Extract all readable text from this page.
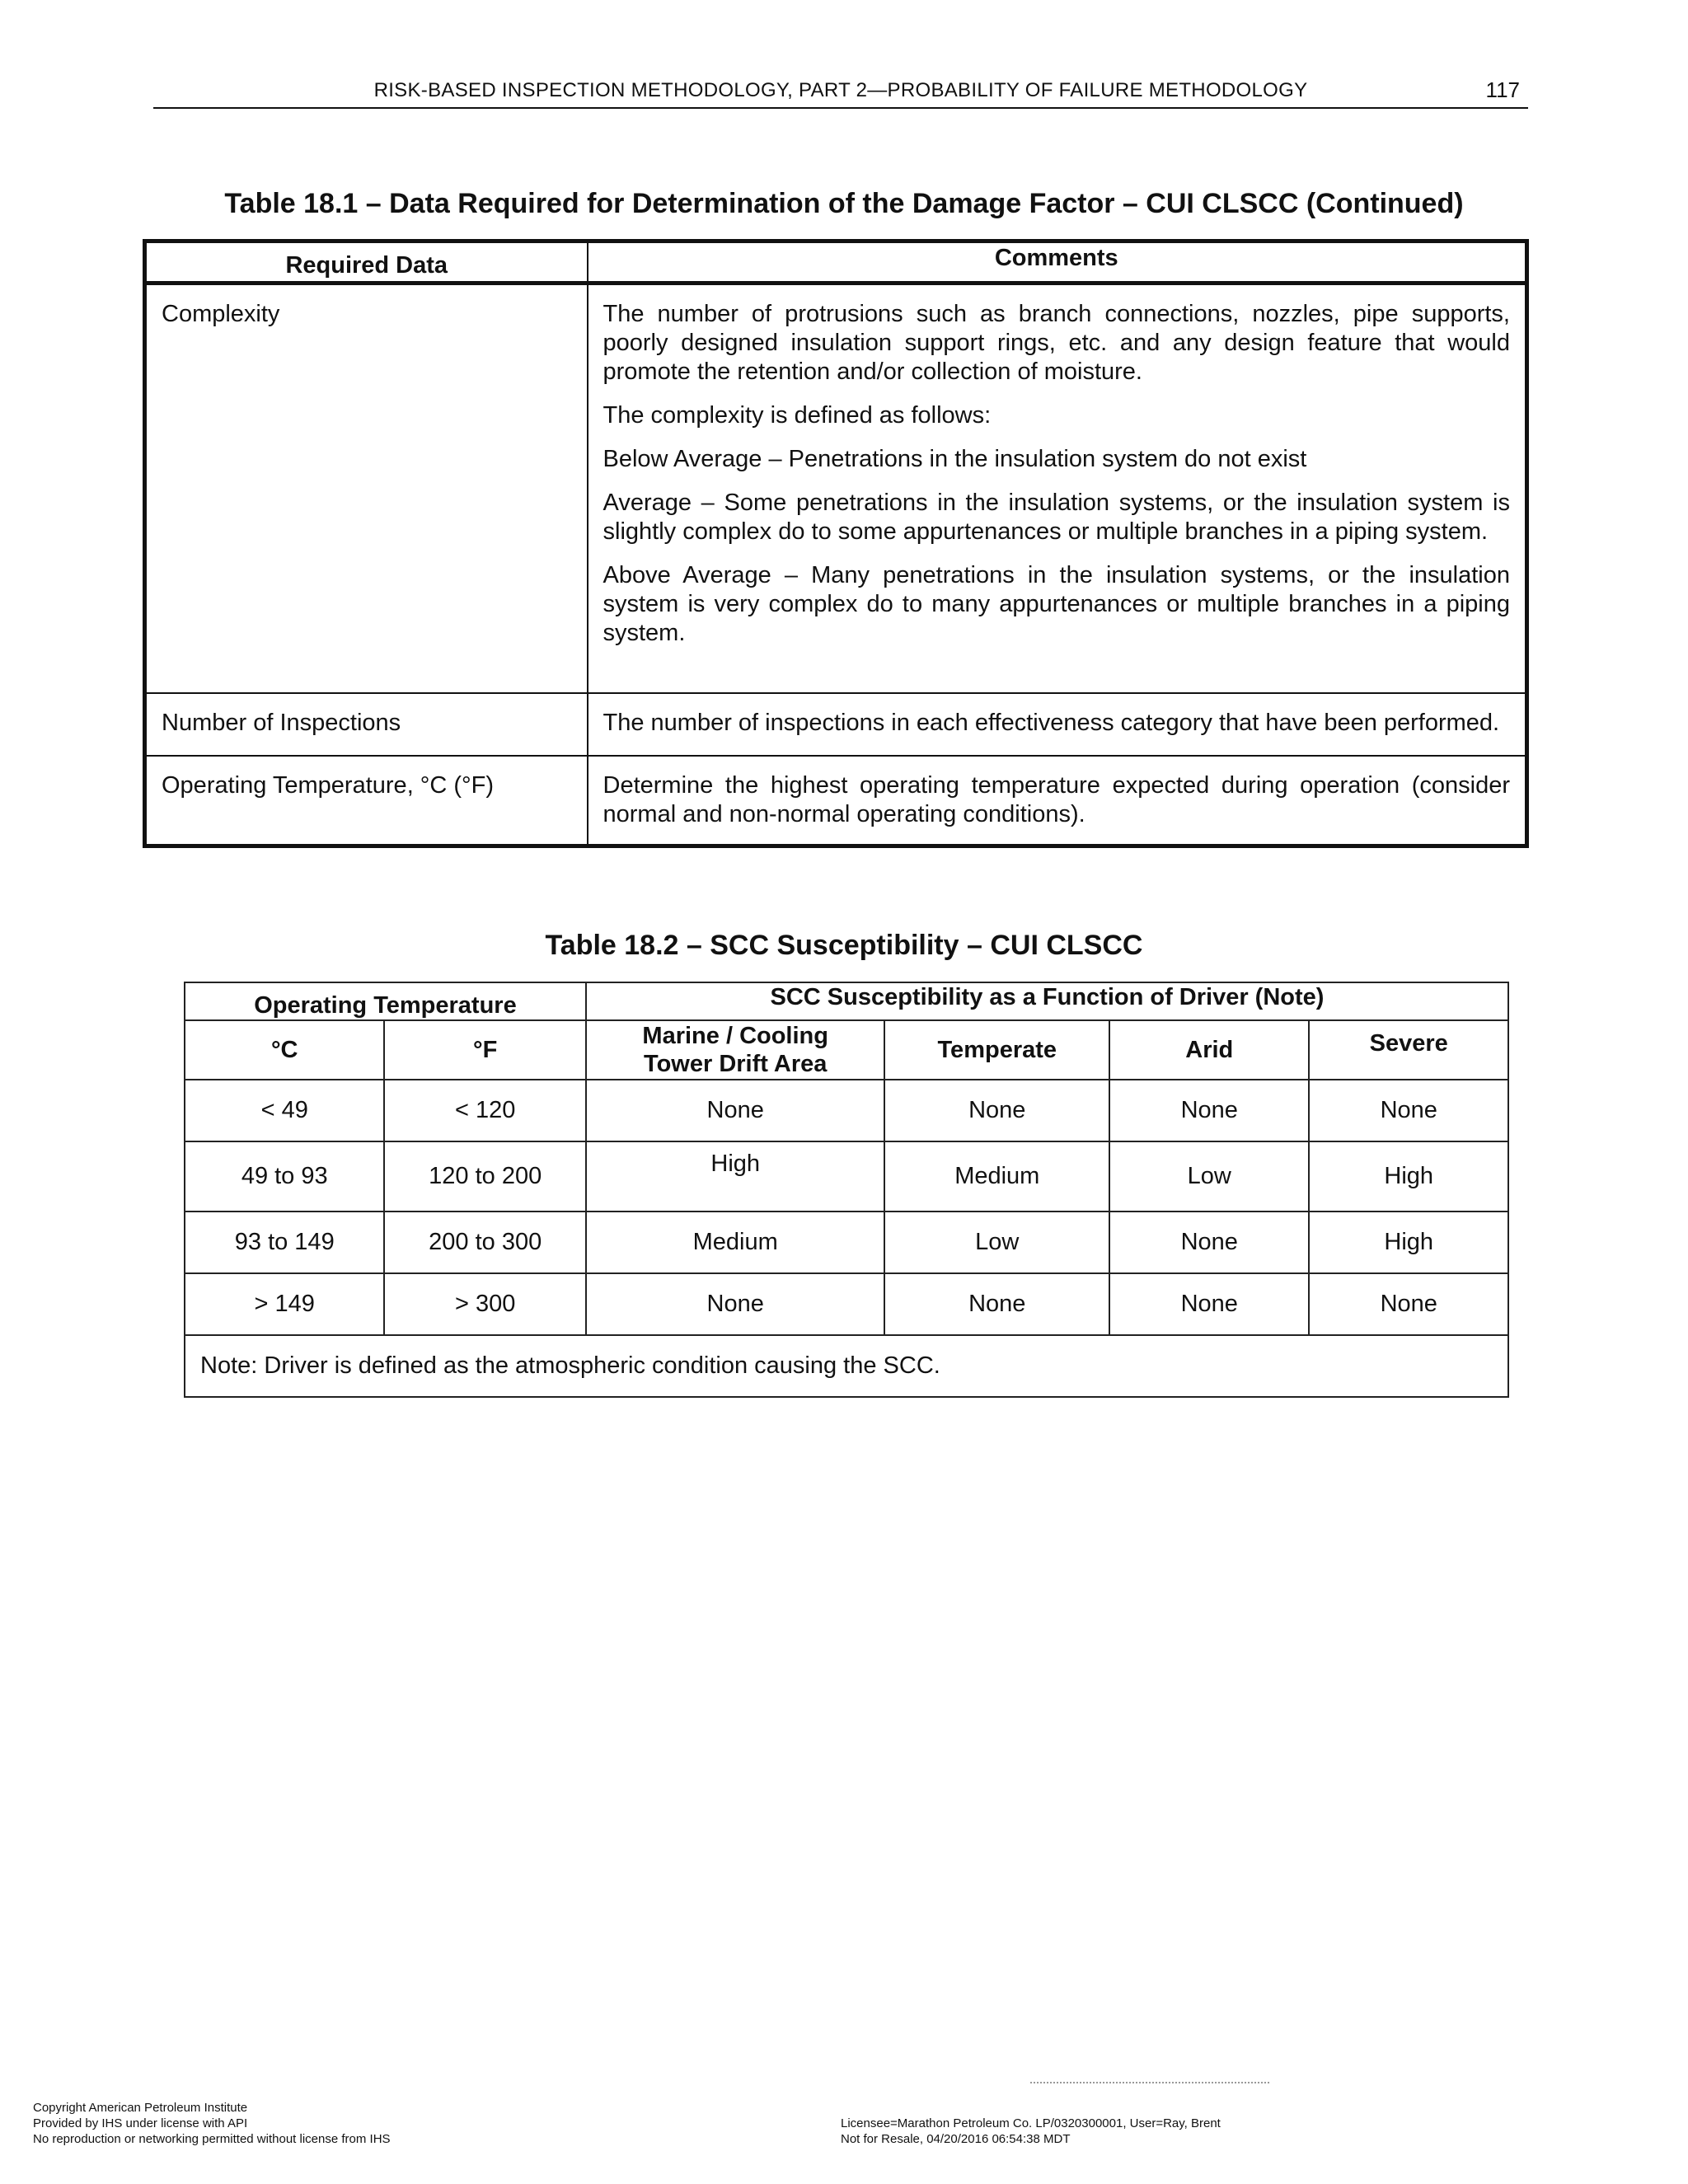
RISK-BASED INSPECTION METHODOLOGY, PART 2—PROBABILITY OF FAILURE METHODOLOGY	117
Table 18.1 – Data Required for Determination of the Damage Factor – CUI CLSCC (Continued)
Required Data	Comments
Complexity	The number of protrusions such as branch connections, nozzles, pipe supports, poorly designed insulation support rings, etc. and any design feature that would promote the retention and/or collection of moisture.

The complexity is defined as follows:

Below Average – Penetrations in the insulation system do not exist

Average – Some penetrations in the insulation systems, or the insulation system is slightly complex do to some appurtenances or multiple branches in a piping system.

Above Average – Many penetrations in the insulation systems, or the insulation system is very complex do to many appurtenances or multiple branches in a piping system.

Number of Inspections	The number of inspections in each effectiveness category that have been performed.

Operating Temperature, °C (°F)	Determine the highest operating temperature expected during operation (consider normal and non-normal operating conditions).

Table 18.2 – SCC Susceptibility – CUI CLSCC
Operating Temperature		SCC Susceptibility as a Function of Driver (Note)			
°C	°F	Marine / Cooling Tower Drift Area	Temperate	Arid	Severe
< 49	< 120	None	None	None	None
49 to 93	120 to 200	High	Medium	Low	High
93 to 149	200 to 300	Medium	Low	None	High
> 149	> 300	None	None	None	None
Note: Driver is defined as the atmospheric condition causing the SCC.					
Copyright American Petroleum Institute
Provided by IHS under license with API
No reproduction or networking permitted without license from IHS
Licensee=Marathon Petroleum Co. LP/0320300001, User=Ray, Brent
Not for Resale, 04/20/2016 06:54:38 MDT
